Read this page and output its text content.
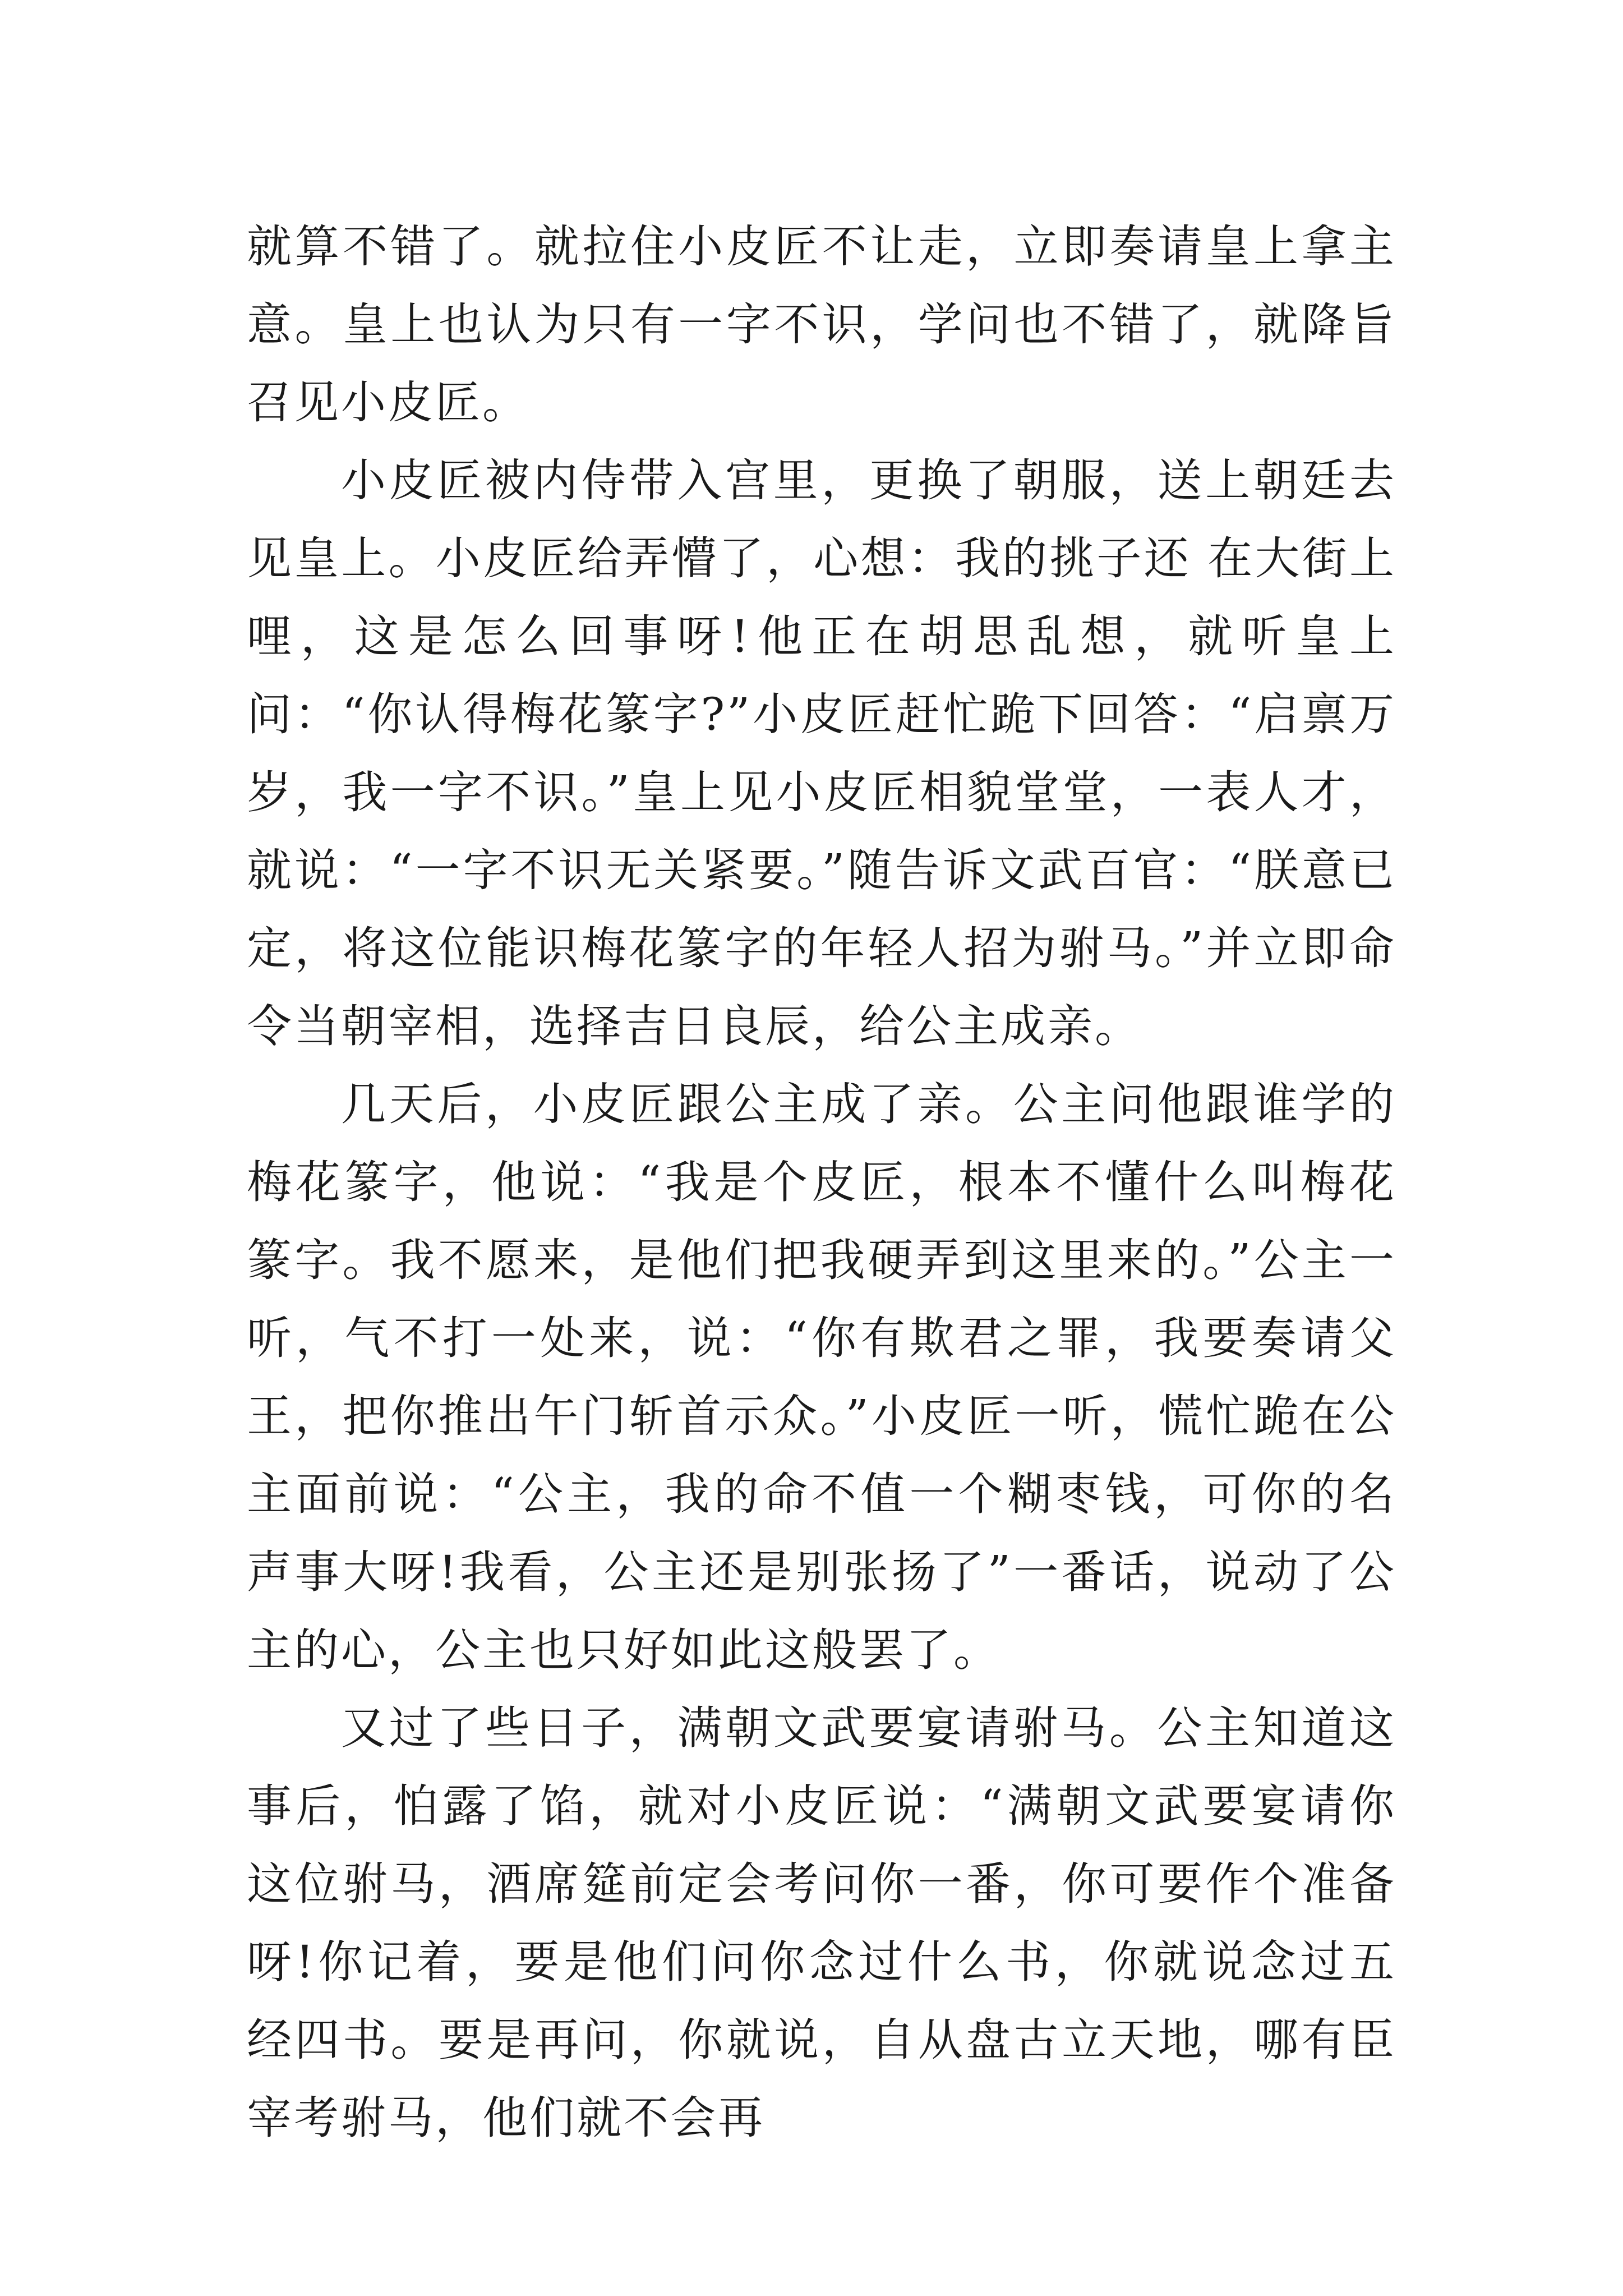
就算不错了。就拉住小皮匠不让走，立即奏请皇上拿主意。皇上也认为只有一字不识，学问也不错了，就降旨召见小皮匠。

小皮匠被内侍带入宫里，更换了朝服，送上朝廷去见皇上。小皮匠给弄懵了，心想：我的挑子还 在大街上哩，这是怎么回事呀!他正在胡思乱想，就听皇上问：“你认得梅花篆字?”小皮匠赶忙跪下回答：“启禀万岁，我一字不识。”皇上见小皮匠相貌堂堂，一表人才，就说：“一字不识无关紧要。”随告诉文武百官：“朕意已定，将这位能识梅花篆字的年轻人招为驸马。”并立即命令当朝宰相，选择吉日良辰，给公主成亲。

几天后，小皮匠跟公主成了亲。公主问他跟谁学的梅花篆字，他说：“我是个皮匠，根本不懂什么叫梅花篆字。我不愿来，是他们把我硬弄到这里来的。”公主一听，气不打一处来，说：“你有欺君之罪，我要奏请父王，把你推出午门斩首示众。”小皮匠一听，慌忙跪在公主面前说：“公主，我的命不值一个糊枣钱，可你的名声事大呀!我看，公主还是别张扬了”一番话，说动了公主的心，公主也只好如此这般罢了。

又过了些日子，满朝文武要宴请驸马。公主知道这事后，怕露了馅，就对小皮匠说：“满朝文武要宴请你这位驸马，酒席筵前定会考问你一番，你可要作个准备呀!你记着，要是他们问你念过什么书，你就说念过五经四书。要是再问，你就说，自从盘古立天地，哪有臣宰考驸马，他们就不会再
